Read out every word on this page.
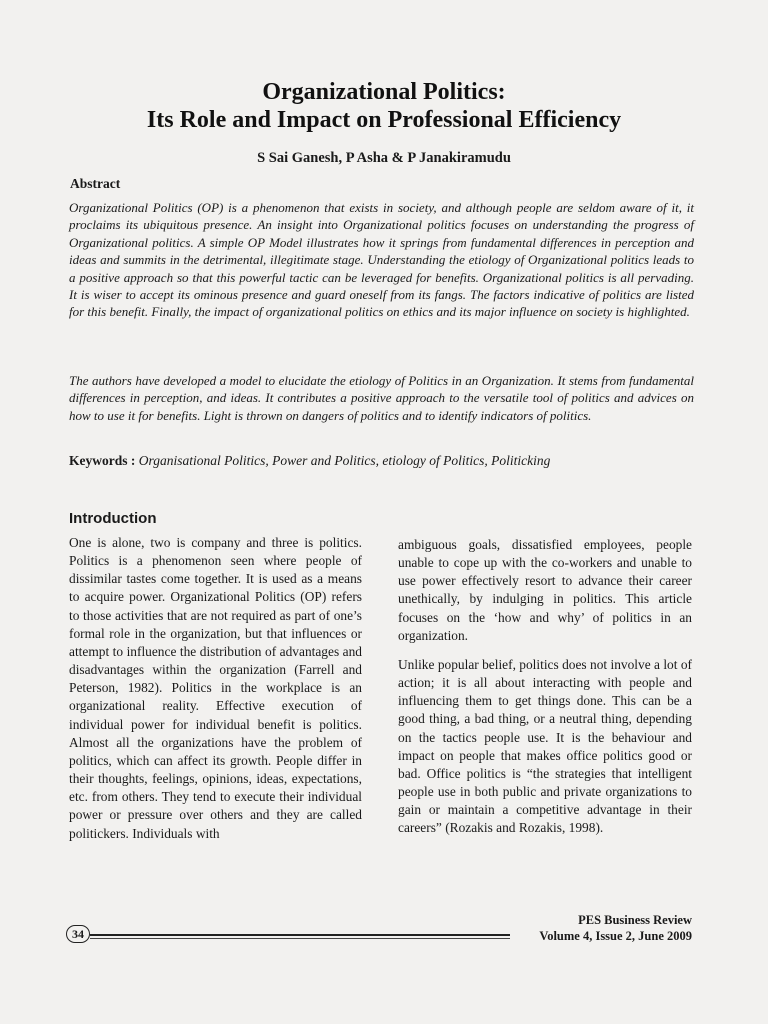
Organizational Politics:
Its Role and Impact on Professional Efficiency
S Sai Ganesh, P Asha & P Janakiramudu
Abstract

Organizational Politics (OP) is a phenomenon that exists in society, and although people are seldom aware of it, it proclaims its ubiquitous presence. An insight into Organizational politics focuses on understanding the progress of Organizational politics. A simple OP Model illustrates how it springs from fundamental differences in perception and ideas and summits in the detrimental, illegitimate stage. Understanding the etiology of Organizational politics leads to a positive approach so that this powerful tactic can be leveraged for benefits. Organizational politics is all pervading. It is wiser to accept its ominous presence and guard oneself from its fangs. The factors indicative of politics are listed for this benefit. Finally, the impact of organizational politics on ethics and its major influence on society is highlighted.

The authors have developed a model to elucidate the etiology of Politics in an Organization. It stems from fundamental differences in perception, and ideas. It contributes a positive approach to the versatile tool of politics and advices on how to use it for benefits. Light is thrown on dangers of politics and to identify indicators of politics.

Keywords : Organisational Politics, Power and Politics, etiology of Politics, Politicking
Introduction

One is alone, two is company and three is politics. Politics is a phenomenon seen where people of dissimilar tastes come together. It is used as a means to acquire power. Organizational Politics (OP) refers to those activities that are not required as part of one’s formal role in the organization, but that influences or attempt to influence the distribution of advantages and disadvantages within the organization (Farrell and Peterson, 1982). Politics in the workplace is an organizational reality. Effective execution of individual power for individual benefit is politics. Almost all the organizations have the problem of politics, which can affect its growth. People differ in their thoughts, feelings, opinions, ideas, expectations, etc. from others. They tend to execute their individual power or pressure over others and they are called politickers. Individuals with

ambiguous goals, dissatisfied employees, people unable to cope up with the co-workers and unable to use power effectively resort to advance their career unethically, by indulging in politics. This article focuses on the ‘how and why’ of politics in an organization.

Unlike popular belief, politics does not involve a lot of action; it is all about interacting with people and influencing them to get things done. This can be a good thing, a bad thing, or a neutral thing, depending on the tactics people use. It is the behaviour and impact on people that makes office politics good or bad. Office politics is “the strategies that intelligent people use in both public and private organizations to gain or maintain a competitive advantage in their careers” (Rozakis and Rozakis, 1998).

34
PES Business Review
Volume 4, Issue 2, June 2009
